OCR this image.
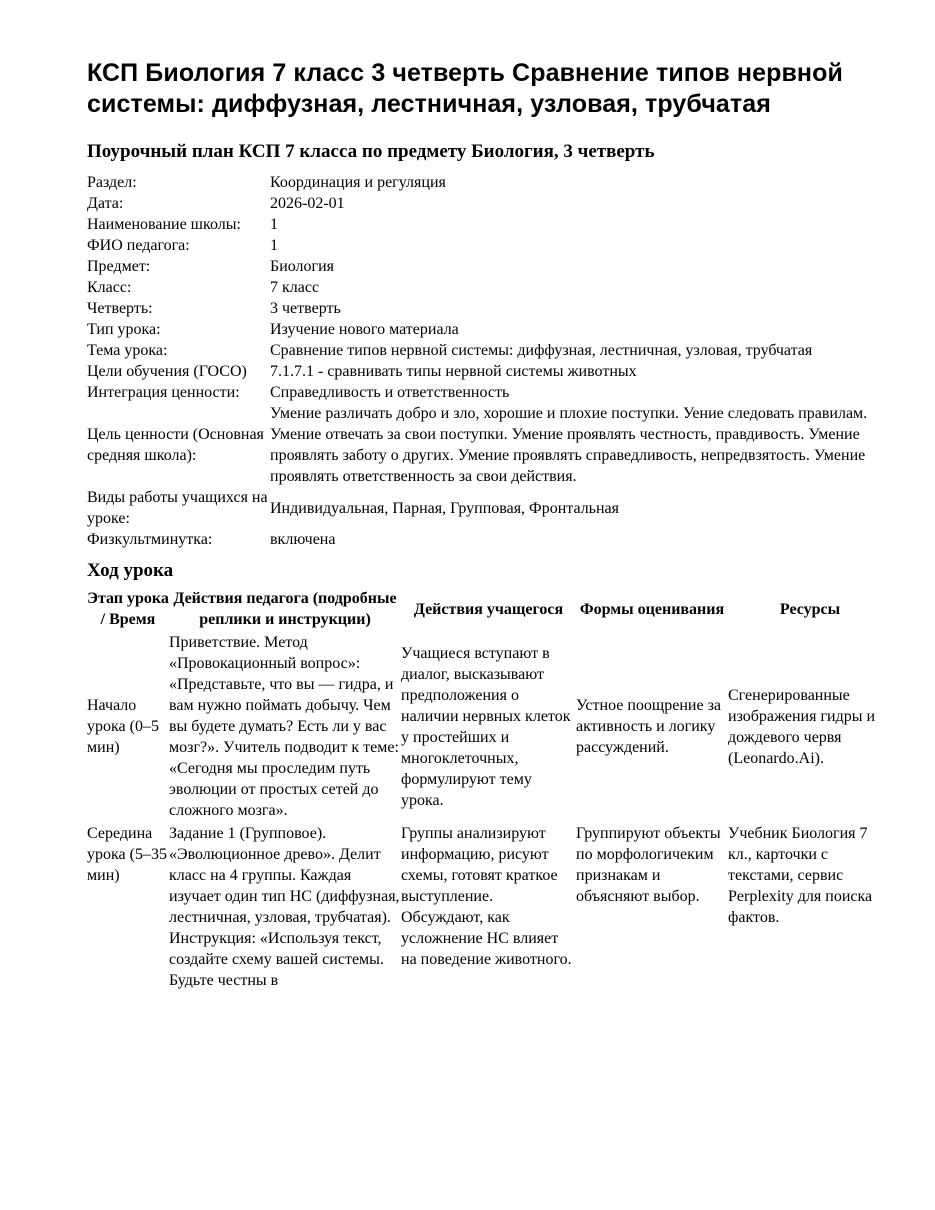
КСП Биология 7 класс 3 четверть Сравнение типов нервной системы: диффузная, лестничная, узловая, трубчатая
Поурочный план КСП 7 класса по предмету Биология, 3 четверть
Раздел:	Координация и регуляция
Дата:	2026-02-01
Наименование школы:	1
ФИО педагога:	1
Предмет:	Биология
Класс:	7 класс
Четверть:	3 четверть
Тип урока:	Изучение нового материала
Тема урока:	Сравнение типов нервной системы: диффузная, лестничная, узловая, трубчатая
Цели обучения (ГОСО)	7.1.7.1 - сравнивать типы нервной системы животных
Интеграция ценности:	Справедливость и ответственность
Цель ценности (Основная средняя школа):	Умение различать добро и зло, хорошие и плохие поступки. Уение следовать правилам. Умение отвечать за свои поступки. Умение проявлять честность, правдивость. Умение проявлять заботу о других. Умение проявлять справедливость, непредвзятость. Умение проявлять ответственность за свои действия.
Виды работы учащихся на уроке:	Индивидуальная, Парная, Групповая, Фронтальная
Физкультминутка:	включена
Ход урока
Этап урока / Время	Действия педагога (подробные реплики и инструкции)	Действия учащегося	Формы оценивания	Ресурсы
Начало урока (0–5 мин)	Приветствие. Метод «Провокационный вопрос»: «Представьте, что вы — гидра, и вам нужно поймать добычу. Чем вы будете думать? Есть ли у вас мозг?». Учитель подводит к теме: «Сегодня мы проследим путь эволюции от простых сетей до сложного мозга».	Учащиеся вступают в диалог, высказывают предположения о наличии нервных клеток у простейших и многоклеточных, формулируют тему урока.	Устное поощрение за активность и логику рассуждений.	Сгенерированные изображения гидры и дождевого червя (Leonardo.Ai).
Середина урока (5–35 мин)	Задание 1 (Групповое). «Эволюционное древо». Делит класс на 4 группы. Каждая изучает один тип НС (диффузная, лестничная, узловая, трубчатая). Инструкция: «Используя текст, создайте схему вашей системы. Будьте честны в	Группы анализируют информацию, рисуют схемы, готовят краткое выступление. Обсуждают, как усложнение НС влияет на поведение животного.	Группируют объекты по морфологичеким признакам и объясняют выбор.	Учебник Биология 7 кл., карточки с текстами, сервис Perplexity для поиска фактов.
